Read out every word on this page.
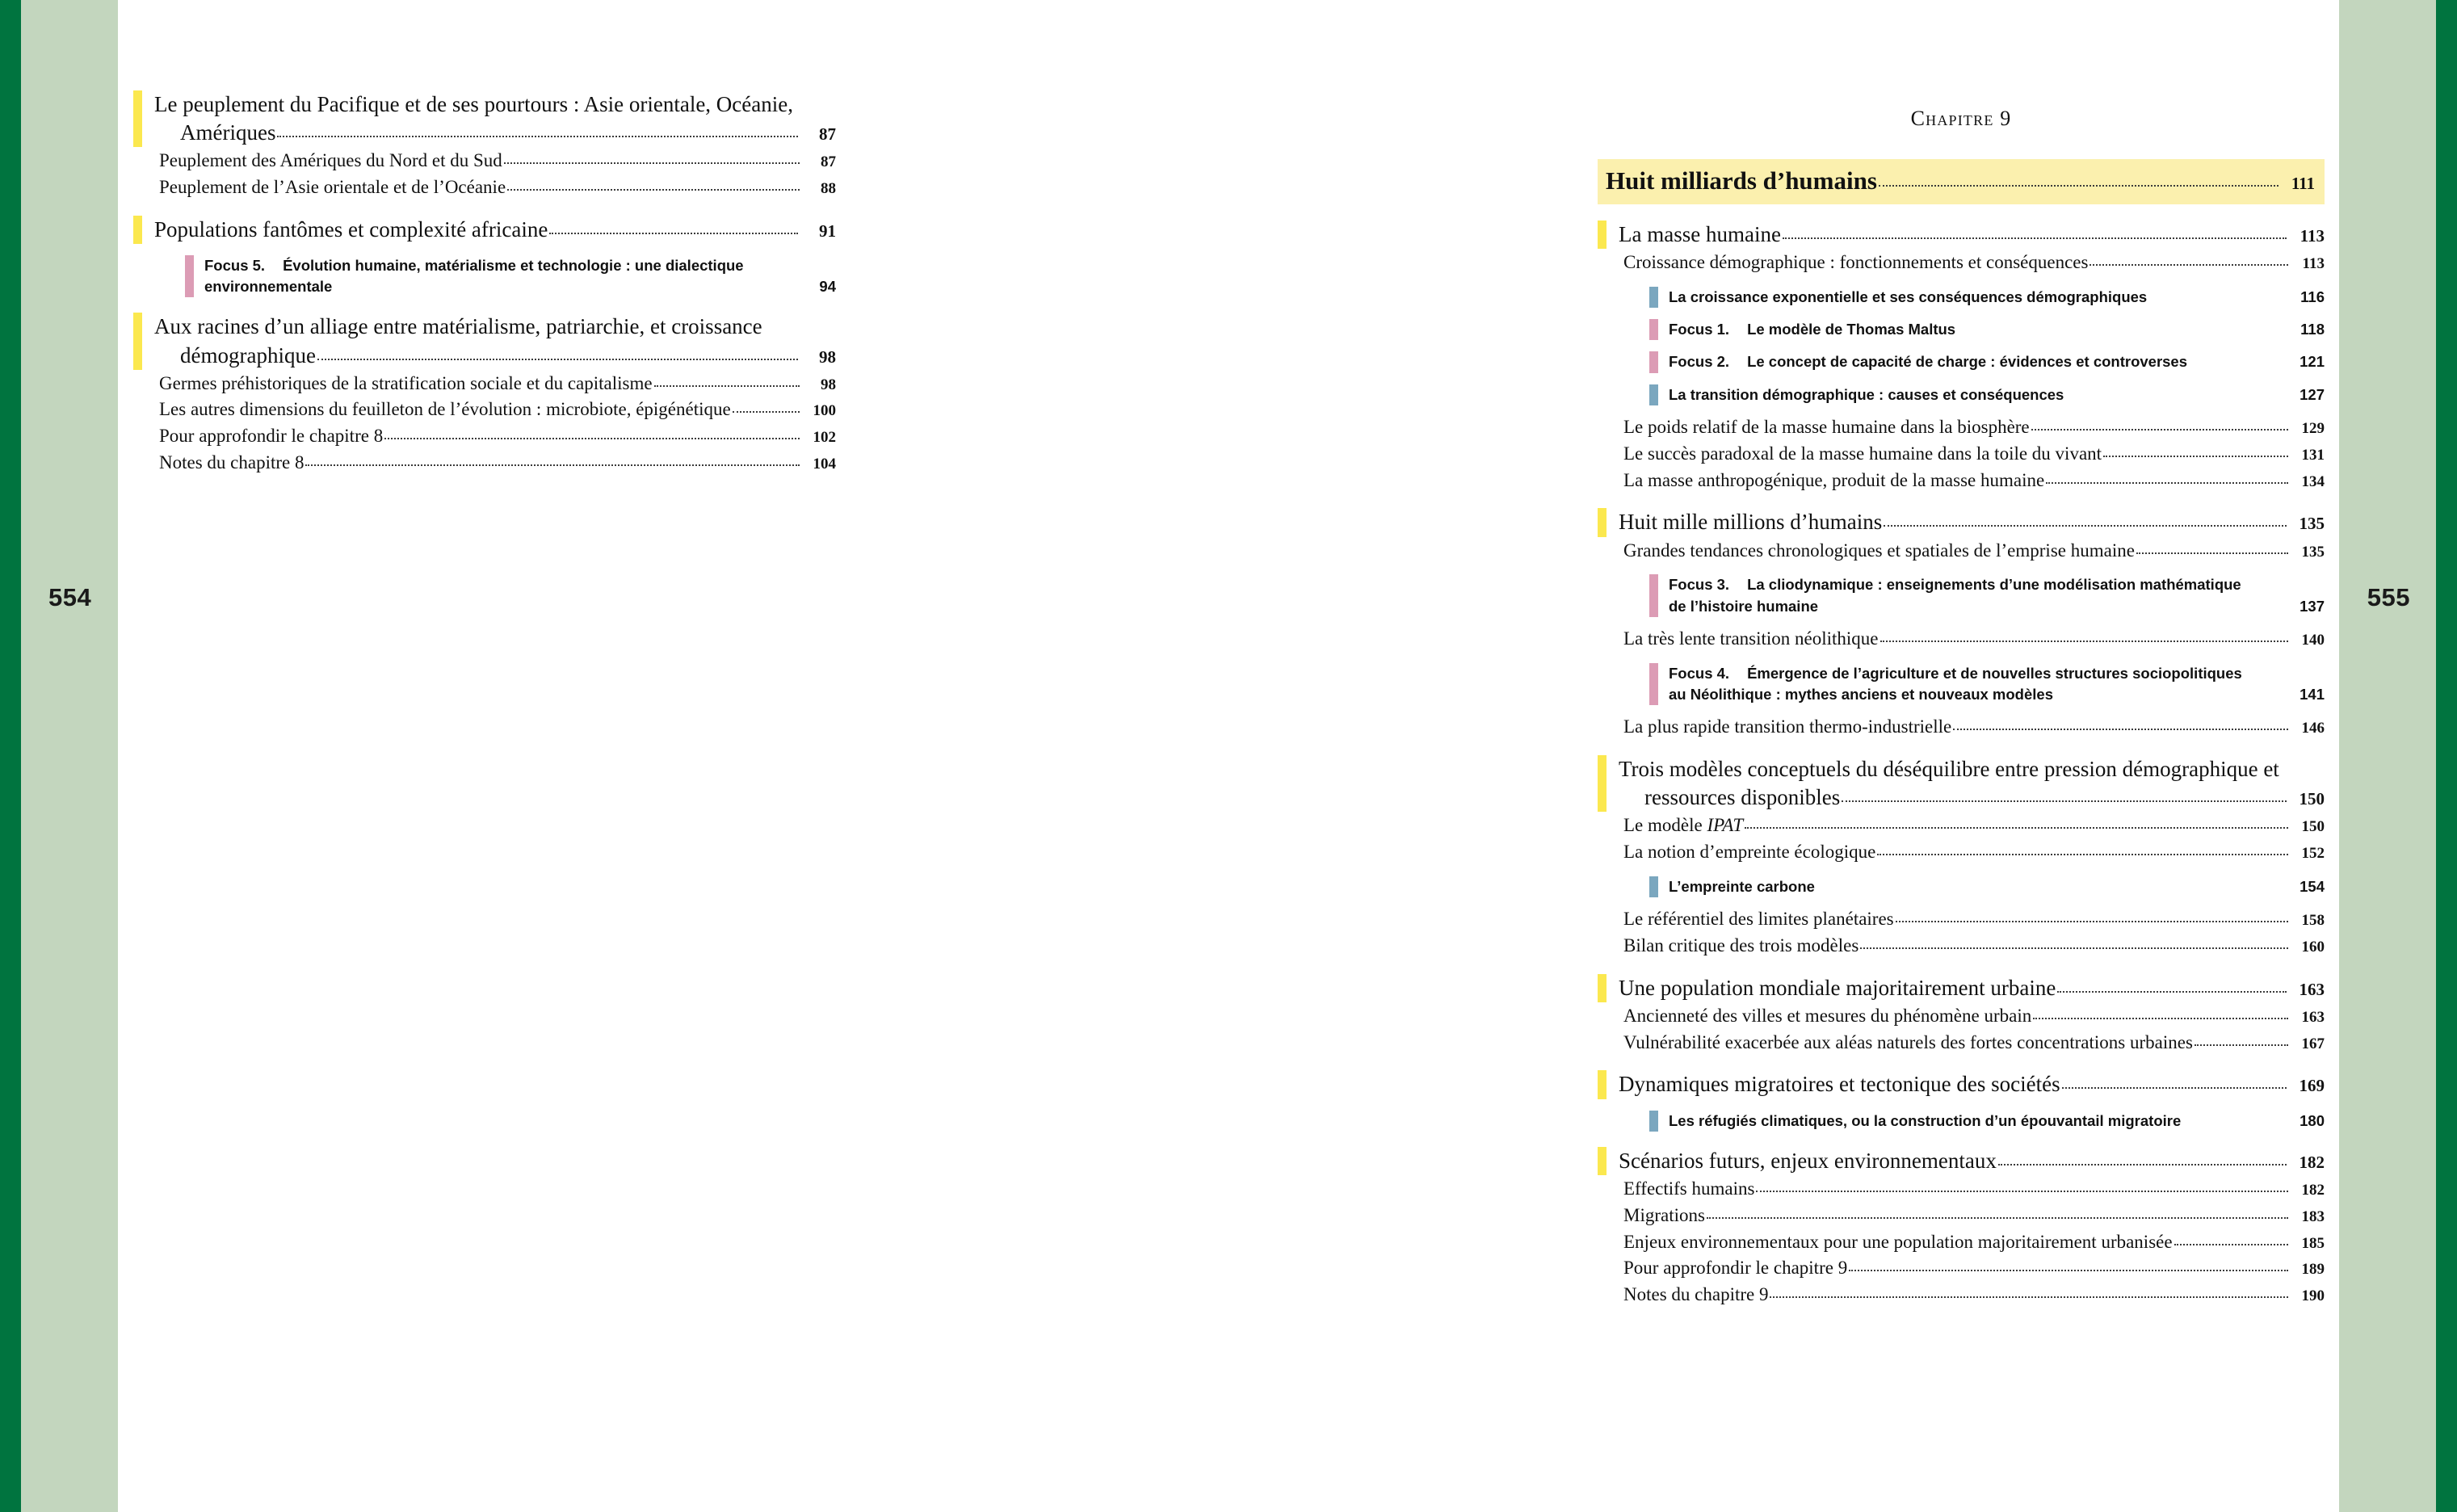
554	555
Le peuplement du Pacifique et de ses pourtours : Asie orientale, Océanie,
Amériques	87
Peuplement des Amériques du Nord et du Sud	87
Peuplement de l’Asie orientale et de l’Océanie	88
Populations fantômes et complexité africaine	91
Focus 5. Évolution humaine, matérialisme et technologie : une dialectique
environnementale	94
Aux racines d’un alliage entre matérialisme, patriarchie, et croissance
démographique	98
Germes préhistoriques de la stratification sociale et du capitalisme	98
Les autres dimensions du feuilleton de l’évolution : microbiote, épigénétique	100
Pour approfondir le chapitre 8	102
Notes du chapitre 8	104
Chapitre 9
Huit milliards d’humains	111
La masse humaine	113
Croissance démographique : fonctionnements et conséquences	113
La croissance exponentielle et ses conséquences démographiques	116
Focus 1. Le modèle de Thomas Maltus	118
Focus 2. Le concept de capacité de charge : évidences et controverses	121
La transition démographique : causes et conséquences	127
Le poids relatif de la masse humaine dans la biosphère	129
Le succès paradoxal de la masse humaine dans la toile du vivant	131
La masse anthropogénique, produit de la masse humaine	134
Huit mille millions d’humains	135
Grandes tendances chronologiques et spatiales de l’emprise humaine	135
Focus 3. La cliodynamique : enseignements d’une modélisation mathématique
de l’histoire humaine	137
La très lente transition néolithique	140
Focus 4. Émergence de l’agriculture et de nouvelles structures sociopolitiques
au Néolithique : mythes anciens et nouveaux modèles	141
La plus rapide transition thermo-industrielle	146
Trois modèles conceptuels du déséquilibre entre pression démographique et
ressources disponibles	150
Le modèle IPAT	150
La notion d’empreinte écologique	152
L’empreinte carbone	154
Le référentiel des limites planétaires	158
Bilan critique des trois modèles	160
Une population mondiale majoritairement urbaine	163
Ancienneté des villes et mesures du phénomène urbain	163
Vulnérabilité exacerbée aux aléas naturels des fortes concentrations urbaines	167
Dynamiques migratoires et tectonique des sociétés	169
Les réfugiés climatiques, ou la construction d’un épouvantail migratoire	180
Scénarios futurs, enjeux environnementaux	182
Effectifs humains	182
Migrations	183
Enjeux environnementaux pour une population majoritairement urbanisée	185
Pour approfondir le chapitre 9	189
Notes du chapitre 9	190
